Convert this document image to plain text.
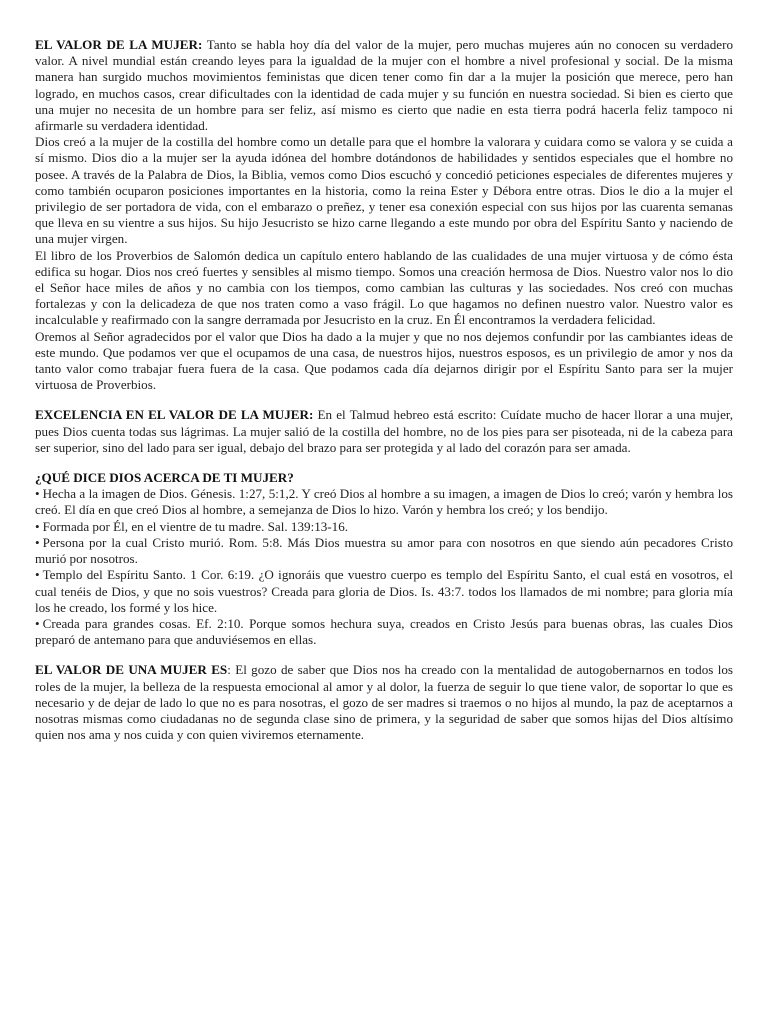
EL VALOR DE LA MUJER: Tanto se habla hoy día del valor de la mujer, pero muchas mujeres aún no conocen su verdadero valor. A nivel mundial están creando leyes para la igualdad de la mujer con el hombre a nivel profesional y social. De la misma manera han surgido muchos movimientos feministas que dicen tener como fin dar a la mujer la posición que merece, pero han logrado, en muchos casos, crear dificultades con la identidad de cada mujer y su función en nuestra sociedad. Si bien es cierto que una mujer no necesita de un hombre para ser feliz, así mismo es cierto que nadie en esta tierra podrá hacerla feliz tampoco ni afirmarle su verdadera identidad.

Dios creó a la mujer de la costilla del hombre como un detalle para que el hombre la valorara y cuidara como se valora y se cuida a sí mismo. Dios dio a la mujer ser la ayuda idónea del hombre dotándonos de habilidades y sentidos especiales que el hombre no posee. A través de la Palabra de Dios, la Biblia, vemos como Dios escuchó y concedió peticiones especiales de diferentes mujeres y como también ocuparon posiciones importantes en la historia, como la reina Ester y Débora entre otras. Dios le dio a la mujer el privilegio de ser portadora de vida, con el embarazo o preñez, y tener esa conexión especial con sus hijos por las cuarenta semanas que lleva en su vientre a sus hijos. Su hijo Jesucristo se hizo carne llegando a este mundo por obra del Espíritu Santo y naciendo de una mujer virgen.

El libro de los Proverbios de Salomón dedica un capítulo entero hablando de las cualidades de una mujer virtuosa y de cómo ésta edifica su hogar. Dios nos creó fuertes y sensibles al mismo tiempo. Somos una creación hermosa de Dios. Nuestro valor nos lo dio el Señor hace miles de años y no cambia con los tiempos, como cambian las culturas y las sociedades. Nos creó con muchas fortalezas y con la delicadeza de que nos traten como a vaso frágil. Lo que hagamos no definen nuestro valor. Nuestro valor es incalculable y reafirmado con la sangre derramada por Jesucristo en la cruz. En Él encontramos la verdadera felicidad.

Oremos al Señor agradecidos por el valor que Dios ha dado a la mujer y que no nos dejemos confundir por las cambiantes ideas de este mundo. Que podamos ver que el ocupamos de una casa, de nuestros hijos, nuestros esposos, es un privilegio de amor y nos da tanto valor como trabajar fuera fuera de la casa. Que podamos cada día dejarnos dirigir por el Espíritu Santo para ser la mujer virtuosa de Proverbios.

EXCELENCIA EN EL VALOR DE LA MUJER: En el Talmud hebreo está escrito: Cuídate mucho de hacer llorar a una mujer, pues Dios cuenta todas sus lágrimas. La mujer salió de la costilla del hombre, no de los pies para ser pisoteada, ni de la cabeza para ser superior, sino del lado para ser igual, debajo del brazo para ser protegida y al lado del corazón para ser amada.

¿QUÉ DICE DIOS ACERCA DE TI MUJER?

• Hecha a la imagen de Dios. Génesis. 1:27, 5:1,2. Y creó Dios al hombre a su imagen, a imagen de Dios lo creó; varón y hembra los creó. El día en que creó Dios al hombre, a semejanza de Dios lo hizo. Varón y hembra los creó; y los bendijo.

• Formada por Él, en el vientre de tu madre. Sal. 139:13-16.

• Persona por la cual Cristo murió. Rom. 5:8. Más Dios muestra su amor para con nosotros en que siendo aún pecadores Cristo murió por nosotros.

• Templo del Espíritu Santo. 1 Cor. 6:19. ¿O ignoráis que vuestro cuerpo es templo del Espíritu Santo, el cual está en vosotros, el cual tenéis de Dios, y que no sois vuestros? Creada para gloria de Dios. Is. 43:7. todos los llamados de mi nombre; para gloria mía los he creado, los formé y los hice.

• Creada para grandes cosas. Ef. 2:10. Porque somos hechura suya, creados en Cristo Jesús para buenas obras, las cuales Dios preparó de antemano para que anduviésemos en ellas.

EL VALOR DE UNA MUJER ES: El gozo de saber que Dios nos ha creado con la mentalidad de autogobernarnos en todos los roles de la mujer, la belleza de la respuesta emocional al amor y al dolor, la fuerza de seguir lo que tiene valor, de soportar lo que es necesario y de dejar de lado lo que no es para nosotras, el gozo de ser madres si traemos o no hijos al mundo, la paz de aceptarnos a nosotras mismas como ciudadanas no de segunda clase sino de primera, y la seguridad de saber que somos hijas del Dios altísimo quien nos ama y nos cuida y con quien viviremos eternamente.
